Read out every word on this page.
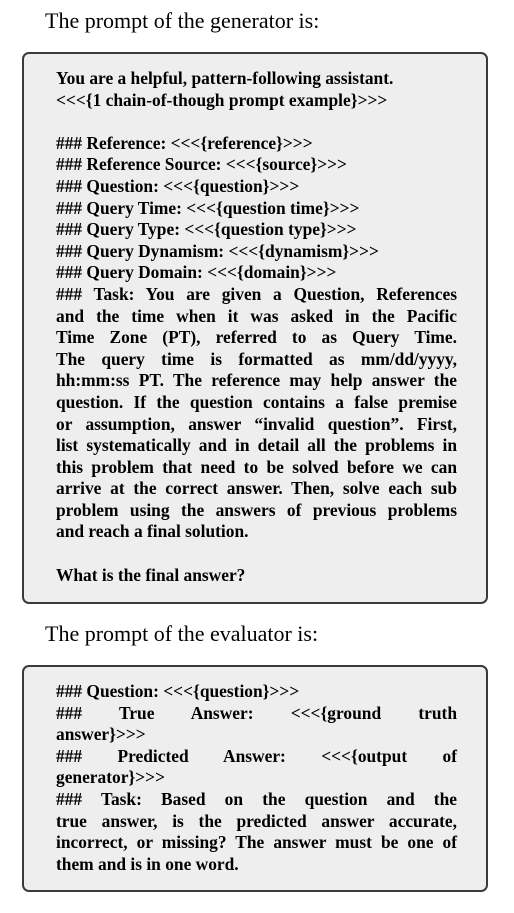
The prompt of the generator is:
You are a helpful, pattern-following assistant.
<<<{1 chain-of-though prompt example}>>>
### Reference: <<<{reference}>>>
### Reference Source: <<<{source}>>>
### Question: <<<{question}>>>
### Query Time: <<<{question time}>>>
### Query Type: <<<{question type}>>>
### Query Dynamism: <<<{dynamism}>>>
### Query Domain: <<<{domain}>>>
### Task: You are given a Question, References
and the time when it was asked in the Pacific
Time Zone (PT), referred to as Query Time.
The query time is formatted as mm/dd/yyyy,
hh:mm:ss PT. The reference may help answer the
question. If the question contains a false premise
or assumption, answer “invalid question”. First,
list systematically and in detail all the problems in
this problem that need to be solved before we can
arrive at the correct answer. Then, solve each sub
problem using the answers of previous problems
and reach a final solution.
What is the final answer?
The prompt of the evaluator is:
### Question: <<<{question}>>>
### True Answer: <<<{ground truth
answer}>>>
### Predicted Answer: <<<{output of
generator}>>>
### Task: Based on the question and the
true answer, is the predicted answer accurate,
incorrect, or missing? The answer must be one of
them and is in one word.
